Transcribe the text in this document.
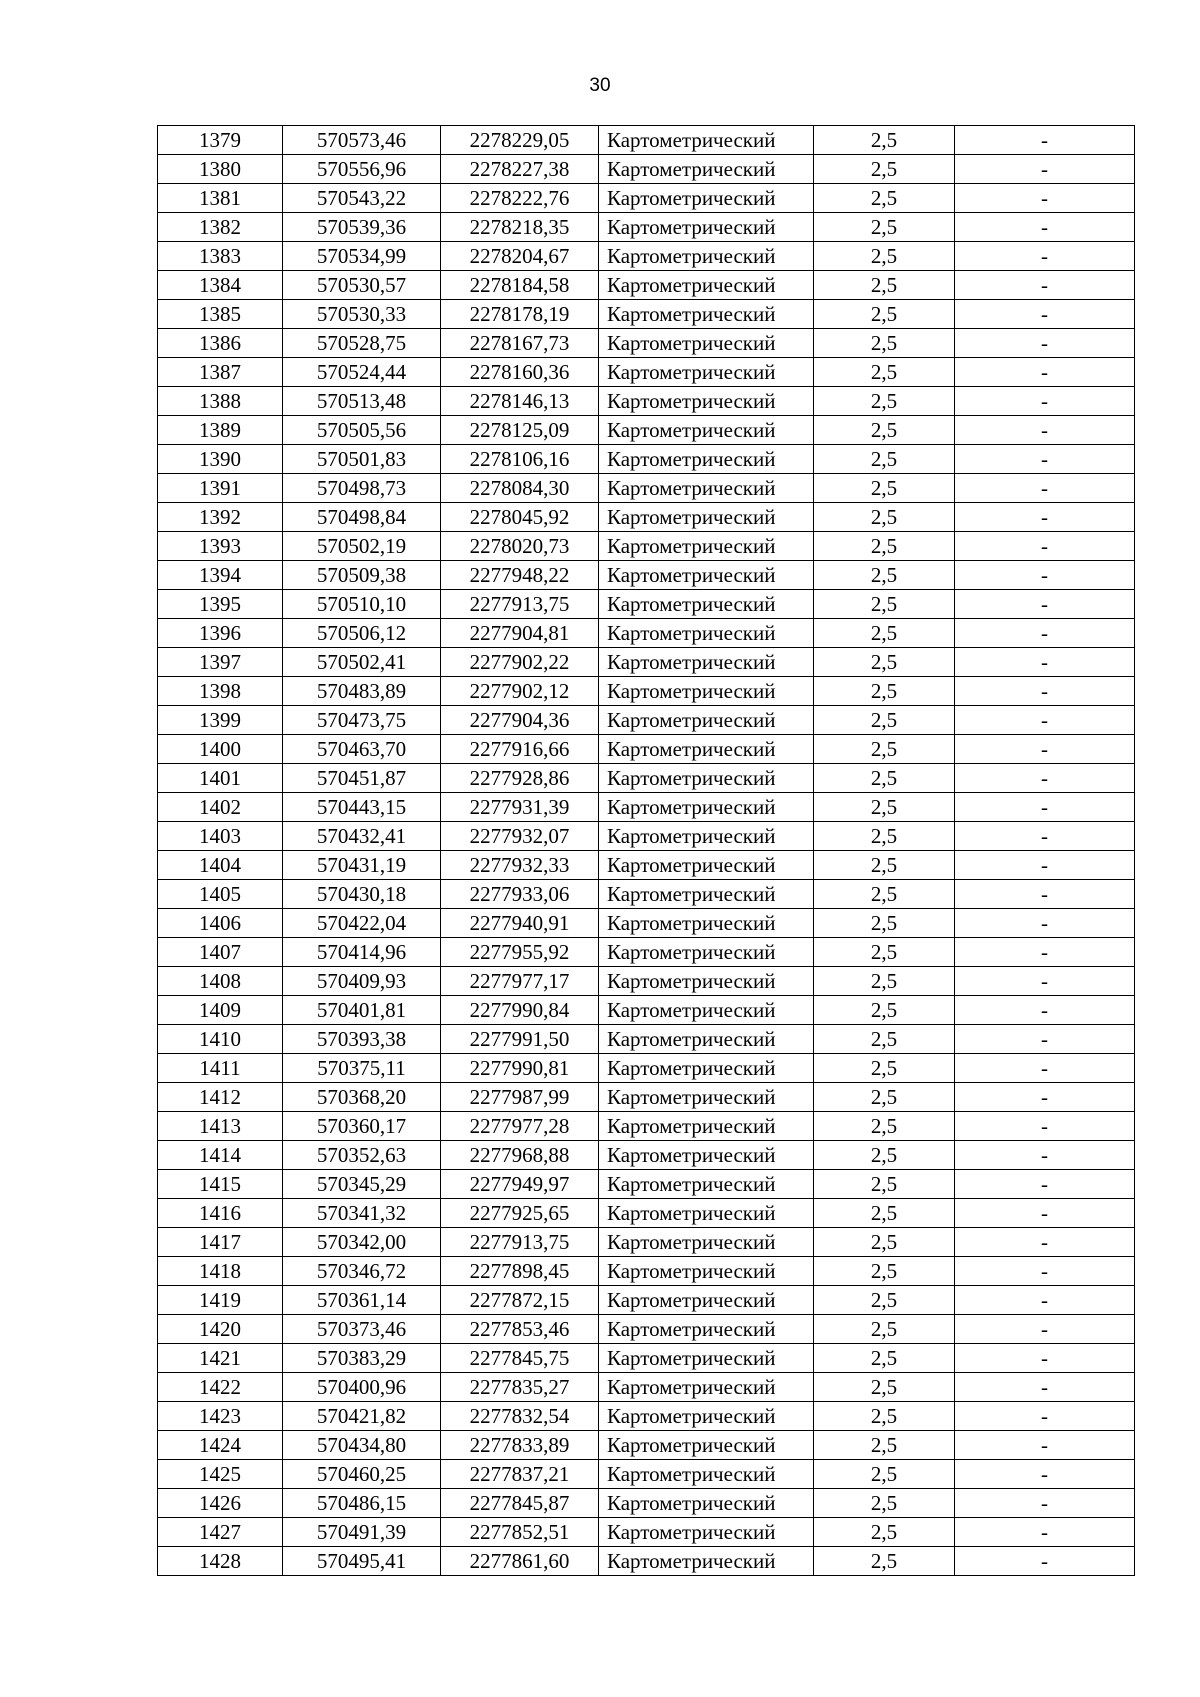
30
1379	570573,46	2278229,05	Картометрический	2,5	-
1380	570556,96	2278227,38	Картометрический	2,5	-
1381	570543,22	2278222,76	Картометрический	2,5	-
1382	570539,36	2278218,35	Картометрический	2,5	-
1383	570534,99	2278204,67	Картометрический	2,5	-
1384	570530,57	2278184,58	Картометрический	2,5	-
1385	570530,33	2278178,19	Картометрический	2,5	-
1386	570528,75	2278167,73	Картометрический	2,5	-
1387	570524,44	2278160,36	Картометрический	2,5	-
1388	570513,48	2278146,13	Картометрический	2,5	-
1389	570505,56	2278125,09	Картометрический	2,5	-
1390	570501,83	2278106,16	Картометрический	2,5	-
1391	570498,73	2278084,30	Картометрический	2,5	-
1392	570498,84	2278045,92	Картометрический	2,5	-
1393	570502,19	2278020,73	Картометрический	2,5	-
1394	570509,38	2277948,22	Картометрический	2,5	-
1395	570510,10	2277913,75	Картометрический	2,5	-
1396	570506,12	2277904,81	Картометрический	2,5	-
1397	570502,41	2277902,22	Картометрический	2,5	-
1398	570483,89	2277902,12	Картометрический	2,5	-
1399	570473,75	2277904,36	Картометрический	2,5	-
1400	570463,70	2277916,66	Картометрический	2,5	-
1401	570451,87	2277928,86	Картометрический	2,5	-
1402	570443,15	2277931,39	Картометрический	2,5	-
1403	570432,41	2277932,07	Картометрический	2,5	-
1404	570431,19	2277932,33	Картометрический	2,5	-
1405	570430,18	2277933,06	Картометрический	2,5	-
1406	570422,04	2277940,91	Картометрический	2,5	-
1407	570414,96	2277955,92	Картометрический	2,5	-
1408	570409,93	2277977,17	Картометрический	2,5	-
1409	570401,81	2277990,84	Картометрический	2,5	-
1410	570393,38	2277991,50	Картометрический	2,5	-
1411	570375,11	2277990,81	Картометрический	2,5	-
1412	570368,20	2277987,99	Картометрический	2,5	-
1413	570360,17	2277977,28	Картометрический	2,5	-
1414	570352,63	2277968,88	Картометрический	2,5	-
1415	570345,29	2277949,97	Картометрический	2,5	-
1416	570341,32	2277925,65	Картометрический	2,5	-
1417	570342,00	2277913,75	Картометрический	2,5	-
1418	570346,72	2277898,45	Картометрический	2,5	-
1419	570361,14	2277872,15	Картометрический	2,5	-
1420	570373,46	2277853,46	Картометрический	2,5	-
1421	570383,29	2277845,75	Картометрический	2,5	-
1422	570400,96	2277835,27	Картометрический	2,5	-
1423	570421,82	2277832,54	Картометрический	2,5	-
1424	570434,80	2277833,89	Картометрический	2,5	-
1425	570460,25	2277837,21	Картометрический	2,5	-
1426	570486,15	2277845,87	Картометрический	2,5	-
1427	570491,39	2277852,51	Картометрический	2,5	-
1428	570495,41	2277861,60	Картометрический	2,5	-
